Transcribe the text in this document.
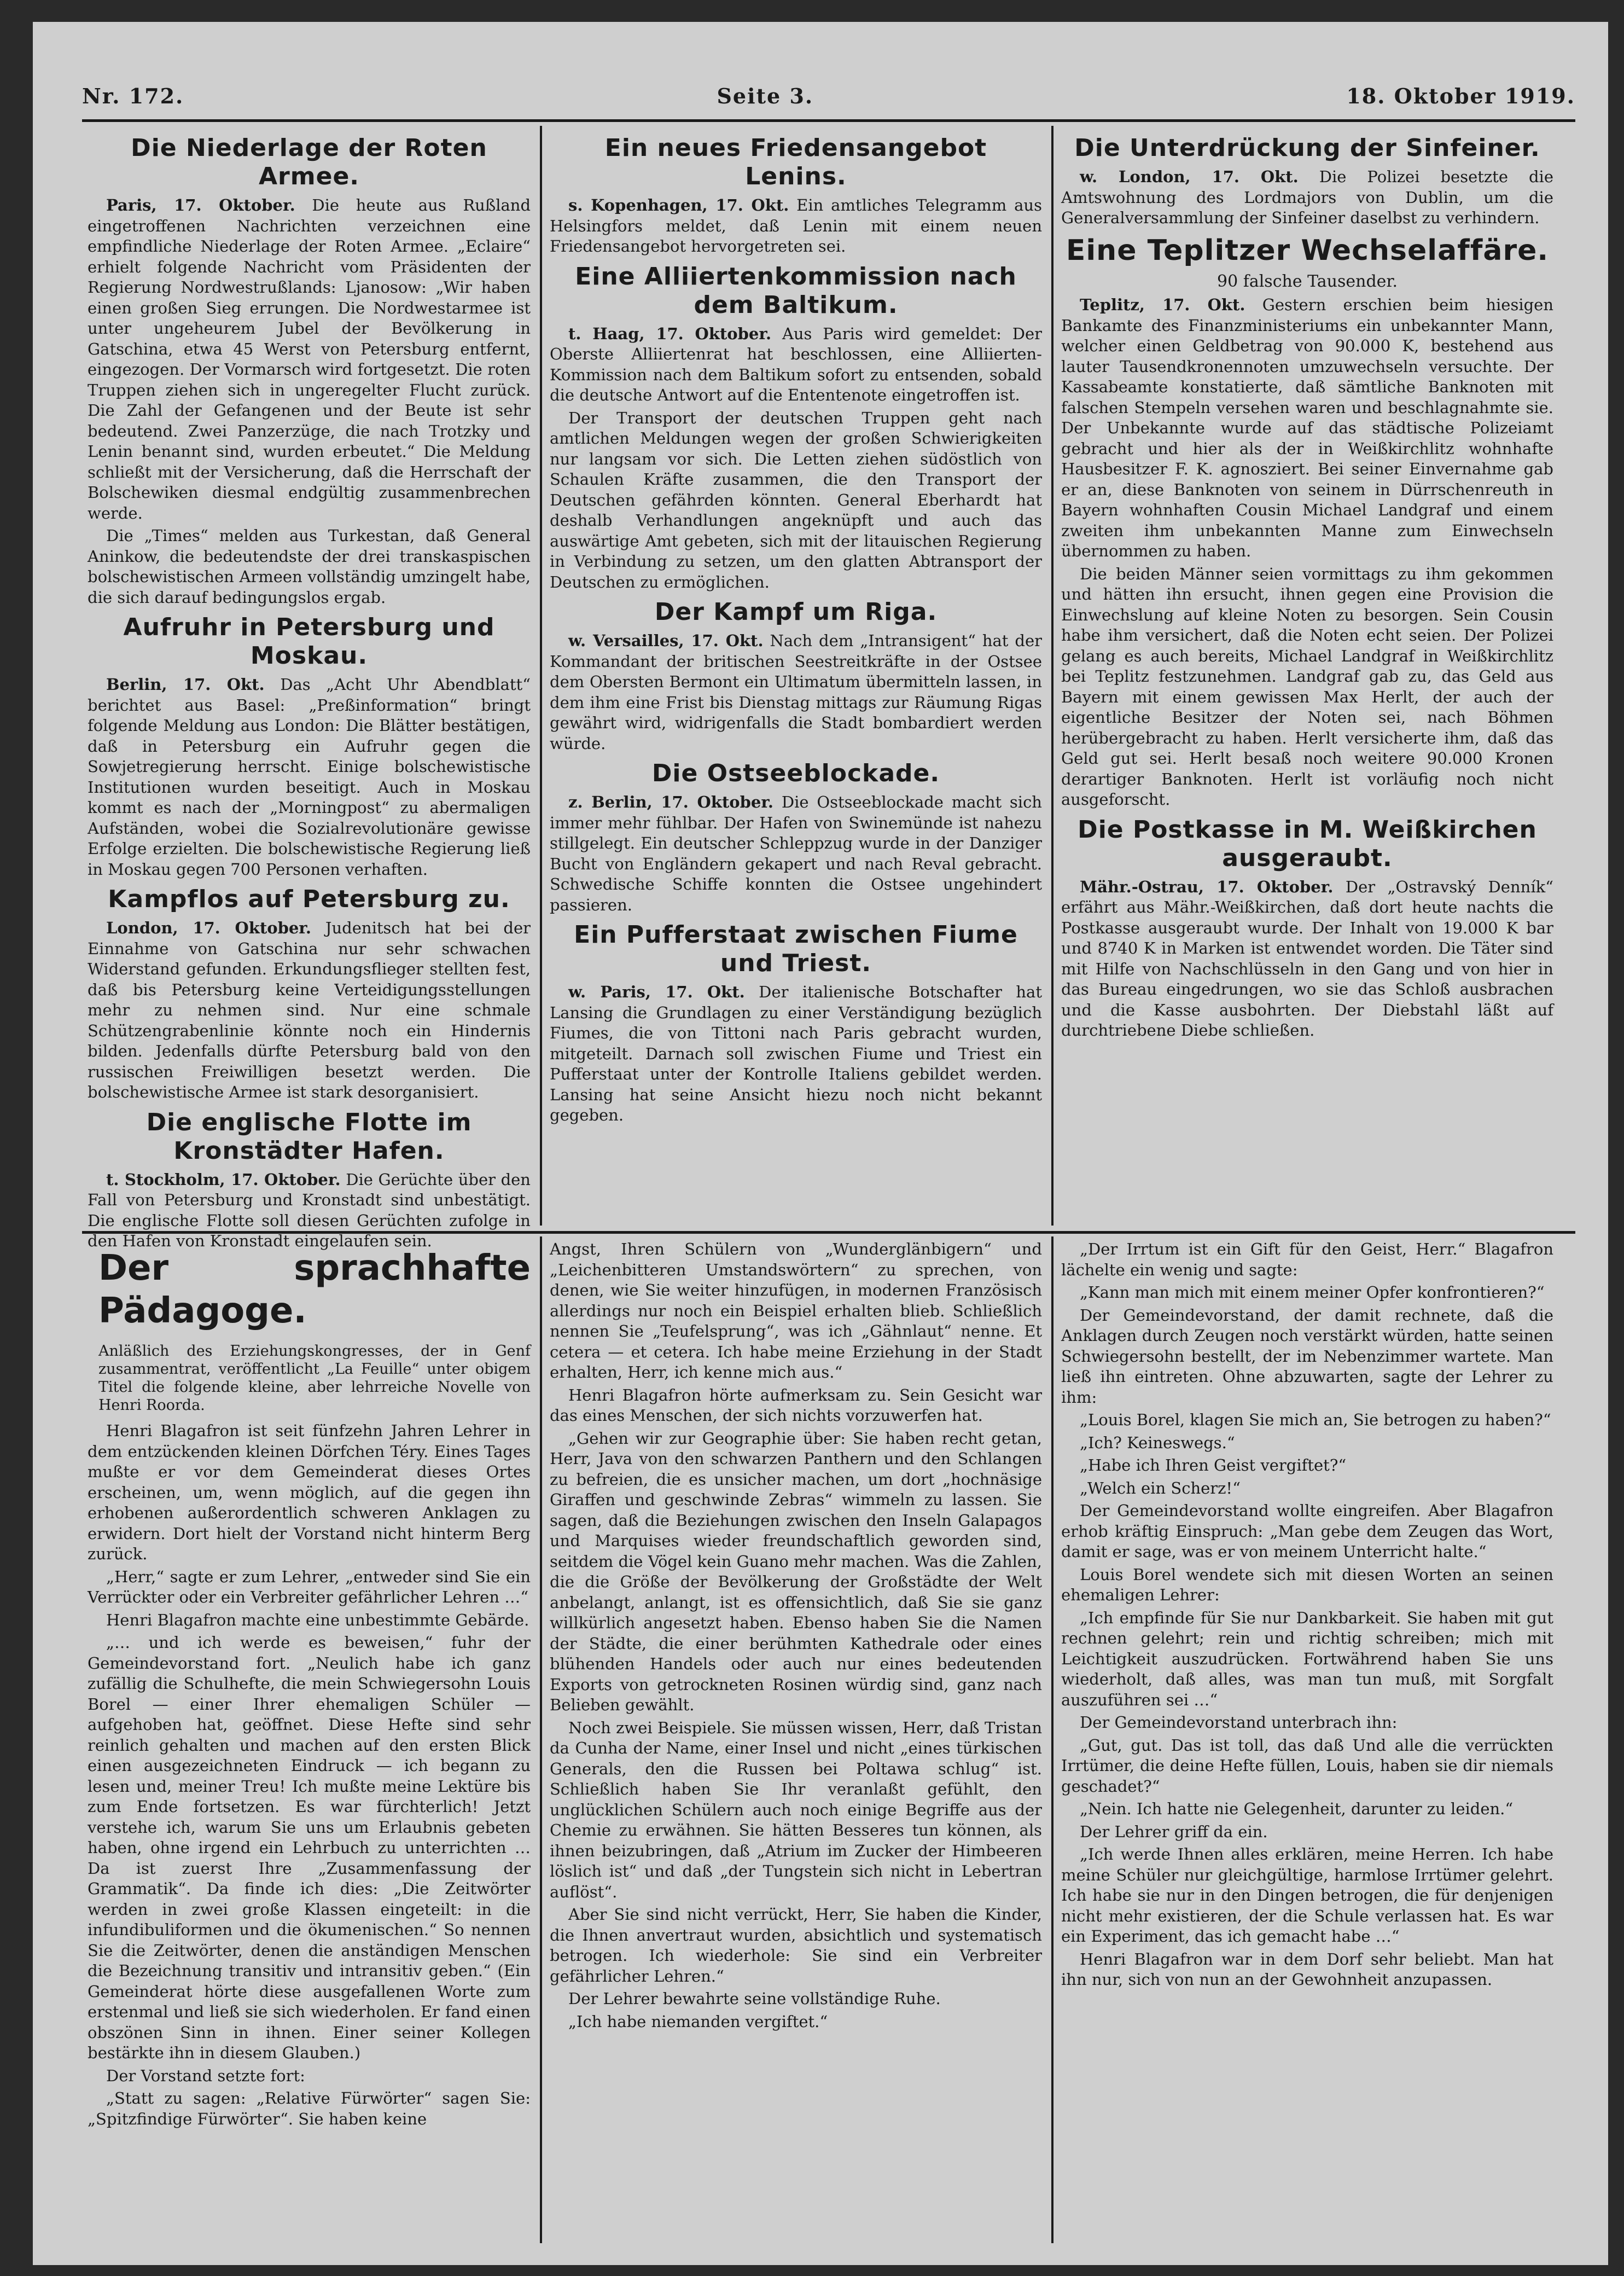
Nr. 172.	Seite 3.	18. Oktober 1919.
Die Niederlage der Roten Armee.

Paris, 17. Oktober. Die heute aus Rußland eingetroffenen Nachrichten verzeichnen eine empfindliche Niederlage der Roten Armee. „Eclaire“ erhielt folgende Nachricht vom Präsidenten der Regierung Nordwestrußlands: Ljanosow: „Wir haben einen großen Sieg errungen. Die Nordwestarmee ist unter ungeheurem Jubel der Bevölkerung in Gatschina, etwa 45 Werst von Petersburg entfernt, eingezogen. Der Vormarsch wird fortgesetzt. Die roten Truppen ziehen sich in ungeregelter Flucht zurück. Die Zahl der Gefangenen und der Beute ist sehr bedeutend. Zwei Panzerzüge, die nach Trotzky und Lenin benannt sind, wurden erbeutet.“ Die Meldung schließt mit der Versicherung, daß die Herrschaft der Bolschewiken diesmal endgültig zusammenbrechen werde.

Die „Times“ melden aus Turkestan, daß General Aninkow, die bedeutendste der drei transkaspischen bolschewistischen Armeen vollständig umzingelt habe, die sich darauf bedingungslos ergab.

Aufruhr in Petersburg und Moskau.

Berlin, 17. Okt. Das „Acht Uhr Abendblatt“ berichtet aus Basel: „Preßinformation“ bringt folgende Meldung aus London: Die Blätter bestätigen, daß in Petersburg ein Aufruhr gegen die Sowjetregierung herrscht. Einige bolschewistische Institutionen wurden beseitigt. Auch in Moskau kommt es nach der „Morningpost“ zu abermaligen Aufständen, wobei die Sozialrevolutionäre gewisse Erfolge erzielten. Die bolschewistische Regierung ließ in Moskau gegen 700 Personen verhaften.

Kampflos auf Petersburg zu.

London, 17. Oktober. Judenitsch hat bei der Einnahme von Gatschina nur sehr schwachen Widerstand gefunden. Erkundungsflieger stellten fest, daß bis Petersburg keine Verteidigungsstellungen mehr zu nehmen sind. Nur eine schmale Schützengrabenlinie könnte noch ein Hindernis bilden. Jedenfalls dürfte Petersburg bald von den russischen Freiwilligen besetzt werden. Die bolschewistische Armee ist stark desorganisiert.

Die englische Flotte im Kronstädter Hafen.

t. Stockholm, 17. Oktober. Die Gerüchte über den Fall von Petersburg und Kronstadt sind unbestätigt. Die englische Flotte soll diesen Gerüchten zufolge in den Hafen von Kronstadt eingelaufen sein.

Ein neues Friedensangebot Lenins.

s. Kopenhagen, 17. Okt. Ein amtliches Telegramm aus Helsingfors meldet, daß Lenin mit einem neuen Friedensangebot hervorgetreten sei.

Eine Alliiertenkommission nach dem Baltikum.

t. Haag, 17. Oktober. Aus Paris wird gemeldet: Der Oberste Alliiertenrat hat beschlossen, eine Alliierten-Kommission nach dem Baltikum sofort zu entsenden, sobald die deutsche Antwort auf die Ententenote eingetroffen ist.

Der Transport der deutschen Truppen geht nach amtlichen Meldungen wegen der großen Schwierigkeiten nur langsam vor sich. Die Letten ziehen südöstlich von Schaulen Kräfte zusammen, die den Transport der Deutschen gefährden könnten. General Eberhardt hat deshalb Verhandlungen angeknüpft und auch das auswärtige Amt gebeten, sich mit der litauischen Regierung in Verbindung zu setzen, um den glatten Abtransport der Deutschen zu ermöglichen.

Der Kampf um Riga.

w. Versailles, 17. Okt. Nach dem „Intransigent“ hat der Kommandant der britischen Seestreitkräfte in der Ostsee dem Obersten Bermont ein Ultimatum übermitteln lassen, in dem ihm eine Frist bis Dienstag mittags zur Räumung Rigas gewährt wird, widrigenfalls die Stadt bombardiert werden würde.

Die Ostseeblockade.

z. Berlin, 17. Oktober. Die Ostseeblockade macht sich immer mehr fühlbar. Der Hafen von Swinemünde ist nahezu stillgelegt. Ein deutscher Schleppzug wurde in der Danziger Bucht von Engländern gekapert und nach Reval gebracht. Schwedische Schiffe konnten die Ostsee ungehindert passieren.

Ein Pufferstaat zwischen Fiume und Triest.

w. Paris, 17. Okt. Der italienische Botschafter hat Lansing die Grundlagen zu einer Verständigung bezüglich Fiumes, die von Tittoni nach Paris gebracht wurden, mitgeteilt. Darnach soll zwischen Fiume und Triest ein Pufferstaat unter der Kontrolle Italiens gebildet werden. Lansing hat seine Ansicht hiezu noch nicht bekannt gegeben.

Die Unterdrückung der Sinfeiner.

w. London, 17. Okt. Die Polizei besetzte die Amtswohnung des Lordmajors von Dublin, um die Generalversammlung der Sinfeiner daselbst zu verhindern.

Eine Teplitzer Wechselaffäre.
90 falsche Tausender.

Teplitz, 17. Okt. Gestern erschien beim hiesigen Bankamte des Finanzministeriums ein unbekannter Mann, welcher einen Geldbetrag von 90.000 K, bestehend aus lauter Tausendkronennoten umzuwechseln versuchte. Der Kassabeamte konstatierte, daß sämtliche Banknoten mit falschen Stempeln versehen waren und beschlagnahmte sie. Der Unbekannte wurde auf das städtische Polizeiamt gebracht und hier als der in Weißkirchlitz wohnhafte Hausbesitzer F. K. agnosziert. Bei seiner Einvernahme gab er an, diese Banknoten von seinem in Dürrschenreuth in Bayern wohnhaften Cousin Michael Landgraf und einem zweiten ihm unbekannten Manne zum Einwechseln übernommen zu haben.

Die beiden Männer seien vormittags zu ihm gekommen und hätten ihn ersucht, ihnen gegen eine Provision die Einwechslung auf kleine Noten zu besorgen. Sein Cousin habe ihm versichert, daß die Noten echt seien. Der Polizei gelang es auch bereits, Michael Landgraf in Weißkirchlitz bei Teplitz festzunehmen. Landgraf gab zu, das Geld aus Bayern mit einem gewissen Max Herlt, der auch der eigentliche Besitzer der Noten sei, nach Böhmen herübergebracht zu haben. Herlt versicherte ihm, daß das Geld gut sei. Herlt besaß noch weitere 90.000 Kronen derartiger Banknoten. Herlt ist vorläufig noch nicht ausgeforscht.

Die Postkasse in M. Weißkirchen ausgeraubt.

Mähr.-Ostrau, 17. Oktober. Der „Ostravský Denník“ erfährt aus Mähr.-Weißkirchen, daß dort heute nachts die Postkasse ausgeraubt wurde. Der Inhalt von 19.000 K bar und 8740 K in Marken ist entwendet worden. Die Täter sind mit Hilfe von Nachschlüsseln in den Gang und von hier in das Bureau eingedrungen, wo sie das Schloß ausbrachen und die Kasse ausbohrten. Der Diebstahl läßt auf durchtriebene Diebe schließen.

Der sprachhafte Pädagoge.
Anläßlich des Erziehungskongresses, der in Genf zusammentrat, veröffentlicht „La Feuille“ unter obigem Titel die folgende kleine, aber lehrreiche Novelle von Henri Roorda.

Henri Blagafron ist seit fünfzehn Jahren Lehrer in dem entzückenden kleinen Dörfchen Téry. Eines Tages mußte er vor dem Gemeinderat dieses Ortes erscheinen, um, wenn möglich, auf die gegen ihn erhobenen außerordentlich schweren Anklagen zu erwidern. Dort hielt der Vorstand nicht hinterm Berg zurück.

„Herr,“ sagte er zum Lehrer, „entweder sind Sie ein Verrückter oder ein Verbreiter gefährlicher Lehren …“

Henri Blagafron machte eine unbestimmte Gebärde.

„… und ich werde es beweisen,“ fuhr der Gemeindevorstand fort. „Neulich habe ich ganz zufällig die Schulhefte, die mein Schwiegersohn Louis Borel — einer Ihrer ehemaligen Schüler — aufgehoben hat, geöffnet. Diese Hefte sind sehr reinlich gehalten und machen auf den ersten Blick einen ausgezeichneten Eindruck — ich begann zu lesen und, meiner Treu! Ich mußte meine Lektüre bis zum Ende fortsetzen. Es war fürchterlich! Jetzt verstehe ich, warum Sie uns um Erlaubnis gebeten haben, ohne irgend ein Lehrbuch zu unterrichten … Da ist zuerst Ihre „Zusammenfassung der Grammatik“. Da finde ich dies: „Die Zeitwörter werden in zwei große Klassen eingeteilt: in die infundibuliformen und die ökumenischen.“ So nennen Sie die Zeitwörter, denen die anständigen Menschen die Bezeichnung transitiv und intransitiv geben.“ (Ein Gemeinderat hörte diese ausgefallenen Worte zum erstenmal und ließ sie sich wiederholen. Er fand einen obszönen Sinn in ihnen. Einer seiner Kollegen bestärkte ihn in diesem Glauben.)

Der Vorstand setzte fort:

„Statt zu sagen: „Relative Fürwörter“ sagen Sie: „Spitzfindige Fürwörter“. Sie haben keine

Angst, Ihren Schülern von „Wunderglänbigern“ und „Leichenbitteren Umstandswörtern“ zu sprechen, von denen, wie Sie weiter hinzufügen, in modernen Französisch allerdings nur noch ein Beispiel erhalten blieb. Schließlich nennen Sie „Teufelsprung“, was ich „Gähnlaut“ nenne. Et cetera — et cetera. Ich habe meine Erziehung in der Stadt erhalten, Herr, ich kenne mich aus.“

Henri Blagafron hörte aufmerksam zu. Sein Gesicht war das eines Menschen, der sich nichts vorzuwerfen hat.

„Gehen wir zur Geographie über: Sie haben recht getan, Herr, Java von den schwarzen Panthern und den Schlangen zu befreien, die es unsicher machen, um dort „hochnäsige Giraffen und geschwinde Zebras“ wimmeln zu lassen. Sie sagen, daß die Beziehungen zwischen den Inseln Galapagos und Marquises wieder freundschaftlich geworden sind, seitdem die Vögel kein Guano mehr machen. Was die Zahlen, die die Größe der Bevölkerung der Großstädte der Welt anbelangt, anlangt, ist es offensichtlich, daß Sie sie ganz willkürlich angesetzt haben. Ebenso haben Sie die Namen der Städte, die einer berühmten Kathedrale oder eines blühenden Handels oder auch nur eines bedeutenden Exports von getrockneten Rosinen würdig sind, ganz nach Belieben gewählt.

Noch zwei Beispiele. Sie müssen wissen, Herr, daß Tristan da Cunha der Name, einer Insel und nicht „eines türkischen Generals, den die Russen bei Poltawa schlug“ ist. Schließlich haben Sie Ihr veranlaßt gefühlt, den unglücklichen Schülern auch noch einige Begriffe aus der Chemie zu erwähnen. Sie hätten Besseres tun können, als ihnen beizubringen, daß „Atrium im Zucker der Himbeeren löslich ist“ und daß „der Tungstein sich nicht in Lebertran auflöst“.

Aber Sie sind nicht verrückt, Herr, Sie haben die Kinder, die Ihnen anvertraut wurden, absichtlich und systematisch betrogen. Ich wiederhole: Sie sind ein Verbreiter gefährlicher Lehren.“

Der Lehrer bewahrte seine vollständige Ruhe.

„Ich habe niemanden vergiftet.“

„Der Irrtum ist ein Gift für den Geist, Herr.“ Blagafron lächelte ein wenig und sagte:

„Kann man mich mit einem meiner Opfer konfrontieren?“

Der Gemeindevorstand, der damit rechnete, daß die Anklagen durch Zeugen noch verstärkt würden, hatte seinen Schwiegersohn bestellt, der im Nebenzimmer wartete. Man ließ ihn eintreten. Ohne abzuwarten, sagte der Lehrer zu ihm:

„Louis Borel, klagen Sie mich an, Sie betrogen zu haben?“

„Ich? Keineswegs.“

„Habe ich Ihren Geist vergiftet?“

„Welch ein Scherz!“

Der Gemeindevorstand wollte eingreifen. Aber Blagafron erhob kräftig Einspruch: „Man gebe dem Zeugen das Wort, damit er sage, was er von meinem Unterricht halte.“

Louis Borel wendete sich mit diesen Worten an seinen ehemaligen Lehrer:

„Ich empfinde für Sie nur Dankbarkeit. Sie haben mit gut rechnen gelehrt; rein und richtig schreiben; mich mit Leichtigkeit auszudrücken. Fortwährend haben Sie uns wiederholt, daß alles, was man tun muß, mit Sorgfalt auszuführen sei …“

Der Gemeindevorstand unterbrach ihn:

„Gut, gut. Das ist toll, das daß Und alle die verrückten Irrtümer, die deine Hefte füllen, Louis, haben sie dir niemals geschadet?“

„Nein. Ich hatte nie Gelegenheit, darunter zu leiden.“

Der Lehrer griff da ein.

„Ich werde Ihnen alles erklären, meine Herren. Ich habe meine Schüler nur gleichgültige, harmlose Irrtümer gelehrt. Ich habe sie nur in den Dingen betrogen, die für denjenigen nicht mehr existieren, der die Schule verlassen hat. Es war ein Experiment, das ich gemacht habe …“

Henri Blagafron war in dem Dorf sehr beliebt. Man hat ihn nur, sich von nun an der Gewohnheit anzupassen.
